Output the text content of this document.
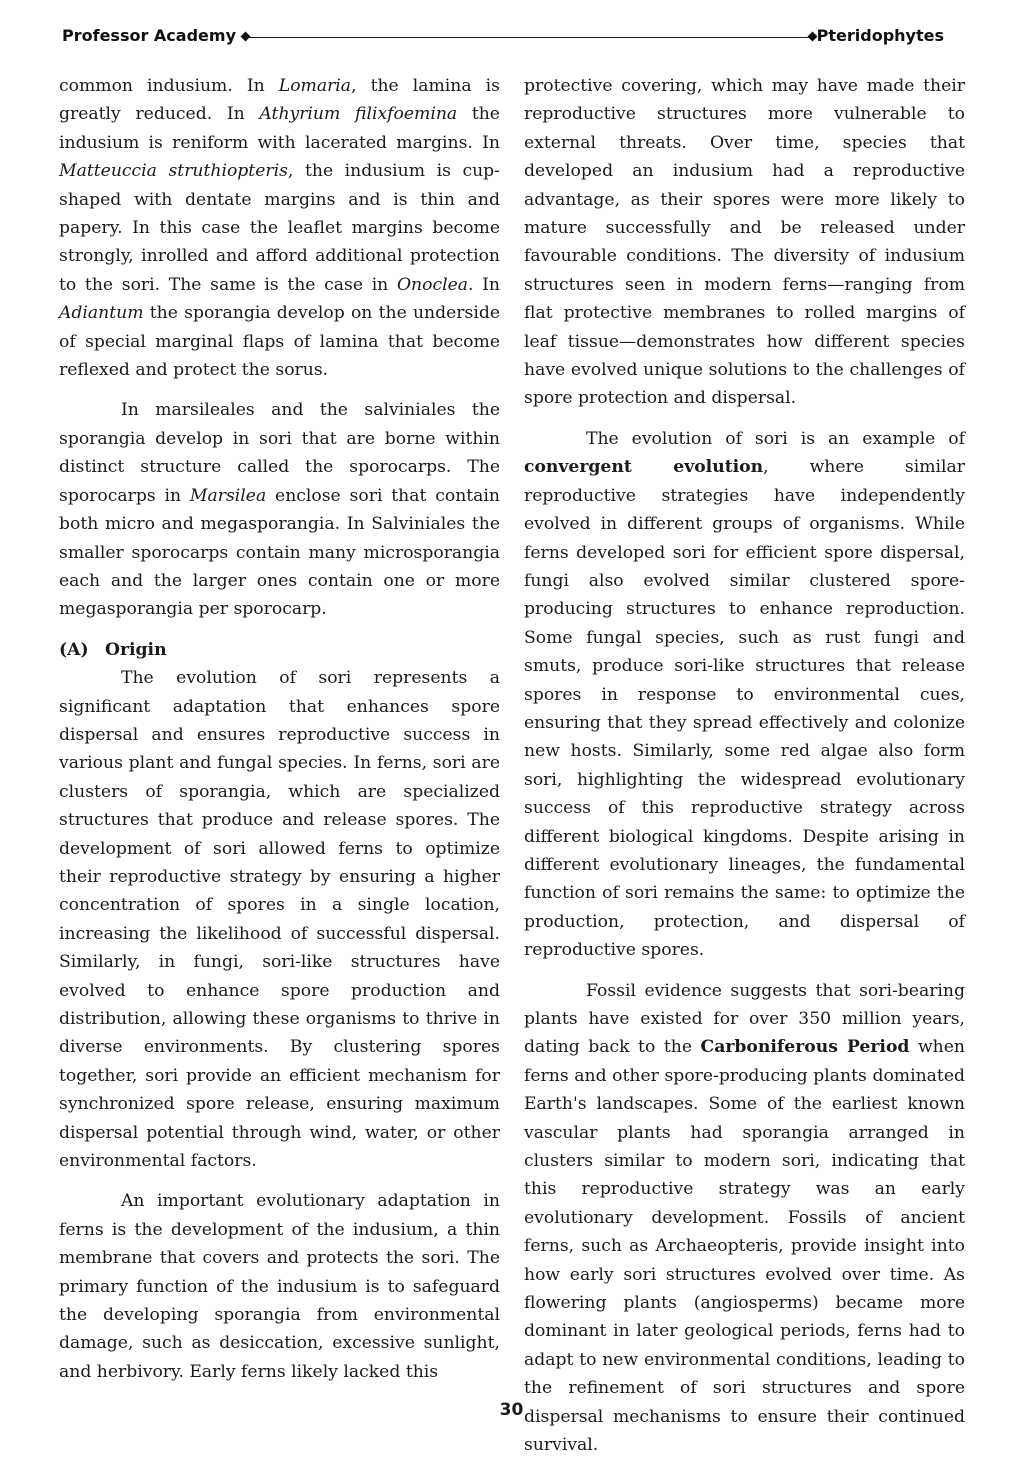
Professor Academy	Pteridophytes

common indusium. In Lomaria, the lamina is greatly reduced. In Athyrium filixfoemina the indusium is reniform with lacerated margins. In Matteuccia struthiopteris, the indusium is cup-shaped with dentate margins and is thin and papery. In this case the leaflet margins become strongly, inrolled and afford additional protection to the sori. The same is the case in Onoclea. In Adiantum the sporangia develop on the underside of special marginal flaps of lamina that become reflexed and protect the sorus.

In marsileales and the salviniales the sporangia develop in sori that are borne within distinct structure called the sporocarps. The sporocarps in Marsilea enclose sori that contain both micro and megasporangia. In Salviniales the smaller sporocarps contain many microsporangia each and the larger ones contain one or more megasporangia per sporocarp.

(A) Origin

The evolution of sori represents a significant adaptation that enhances spore dispersal and ensures reproductive success in various plant and fungal species. In ferns, sori are clusters of sporangia, which are specialized structures that produce and release spores. The development of sori allowed ferns to optimize their reproductive strategy by ensuring a higher concentration of spores in a single location, increasing the likelihood of successful dispersal. Similarly, in fungi, sori-like structures have evolved to enhance spore production and distribution, allowing these organisms to thrive in diverse environments. By clustering spores together, sori provide an efficient mechanism for synchronized spore release, ensuring maximum dispersal potential through wind, water, or other environmental factors.

An important evolutionary adaptation in ferns is the development of the indusium, a thin membrane that covers and protects the sori. The primary function of the indusium is to safeguard the developing sporangia from environmental damage, such as desiccation, excessive sunlight, and herbivory. Early ferns likely lacked this

protective covering, which may have made their reproductive structures more vulnerable to external threats. Over time, species that developed an indusium had a reproductive advantage, as their spores were more likely to mature successfully and be released under favourable conditions. The diversity of indusium structures seen in modern ferns—ranging from flat protective membranes to rolled margins of leaf tissue—demonstrates how different species have evolved unique solutions to the challenges of spore protection and dispersal.

The evolution of sori is an example of convergent evolution, where similar reproductive strategies have independently evolved in different groups of organisms. While ferns developed sori for efficient spore dispersal, fungi also evolved similar clustered spore-producing structures to enhance reproduction. Some fungal species, such as rust fungi and smuts, produce sori-like structures that release spores in response to environmental cues, ensuring that they spread effectively and colonize new hosts. Similarly, some red algae also form sori, highlighting the widespread evolutionary success of this reproductive strategy across different biological kingdoms. Despite arising in different evolutionary lineages, the fundamental function of sori remains the same: to optimize the production, protection, and dispersal of reproductive spores.

Fossil evidence suggests that sori-bearing plants have existed for over 350 million years, dating back to the Carboniferous Period when ferns and other spore-producing plants dominated Earth's landscapes. Some of the earliest known vascular plants had sporangia arranged in clusters similar to modern sori, indicating that this reproductive strategy was an early evolutionary development. Fossils of ancient ferns, such as Archaeopteris, provide insight into how early sori structures evolved over time. As flowering plants (angiosperms) became more dominant in later geological periods, ferns had to adapt to new environmental conditions, leading to the refinement of sori structures and spore dispersal mechanisms to ensure their continued survival.

30
